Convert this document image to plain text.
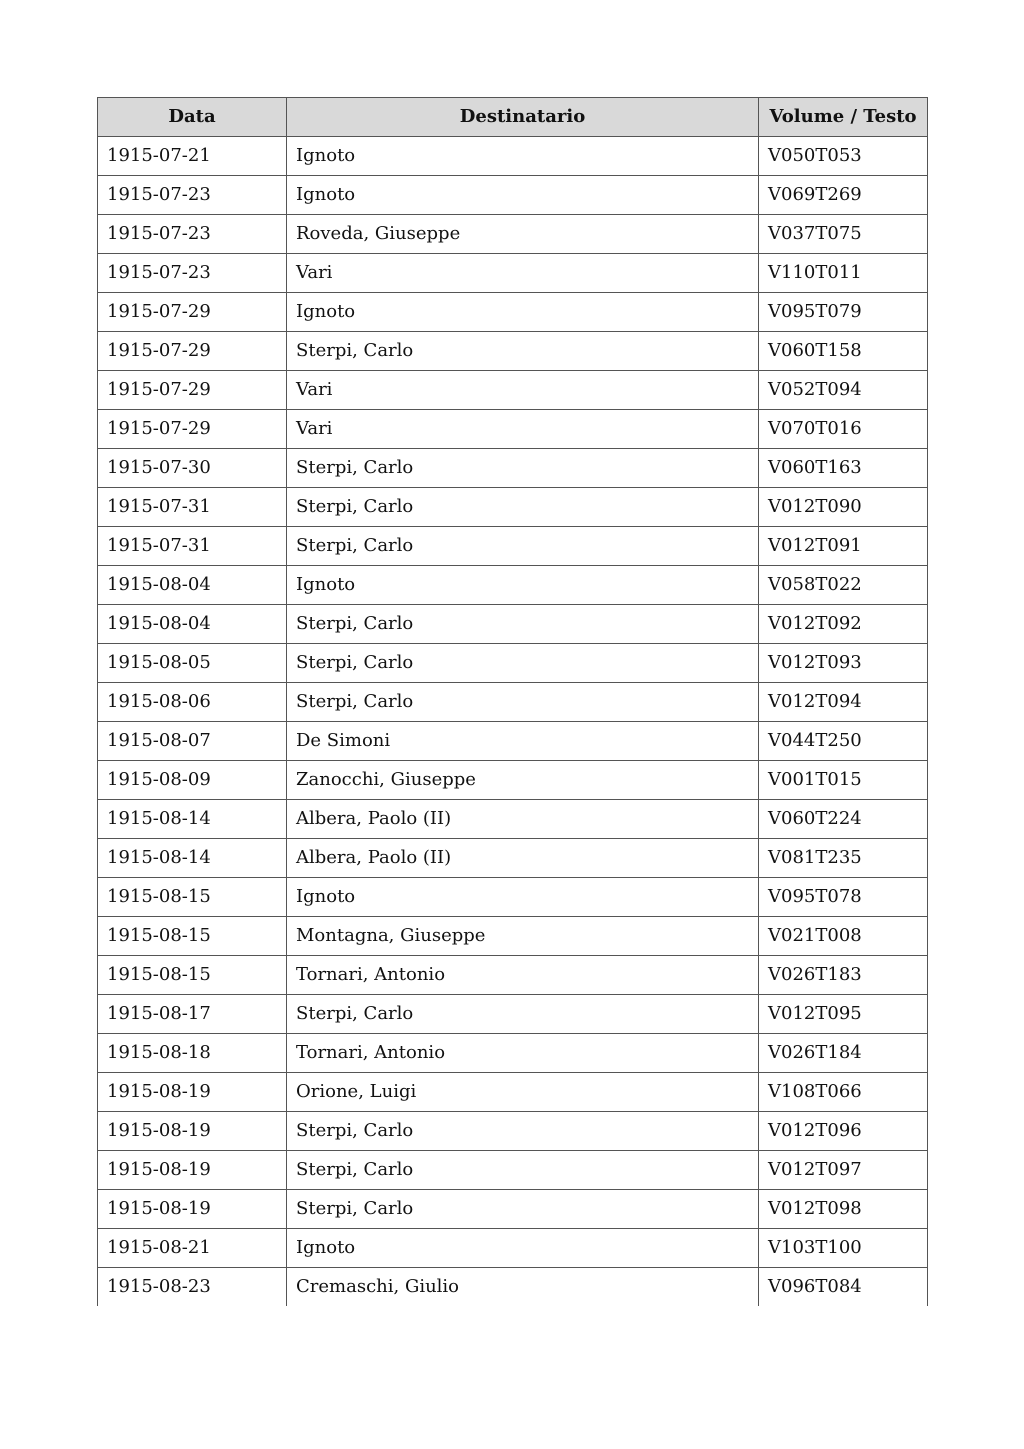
Data	Destinatario	Volume / Testo
1915-07-21	Ignoto	V050T053
1915-07-23	Ignoto	V069T269
1915-07-23	Roveda, Giuseppe	V037T075
1915-07-23	Vari	V110T011
1915-07-29	Ignoto	V095T079
1915-07-29	Sterpi, Carlo	V060T158
1915-07-29	Vari	V052T094
1915-07-29	Vari	V070T016
1915-07-30	Sterpi, Carlo	V060T163
1915-07-31	Sterpi, Carlo	V012T090
1915-07-31	Sterpi, Carlo	V012T091
1915-08-04	Ignoto	V058T022
1915-08-04	Sterpi, Carlo	V012T092
1915-08-05	Sterpi, Carlo	V012T093
1915-08-06	Sterpi, Carlo	V012T094
1915-08-07	De Simoni	V044T250
1915-08-09	Zanocchi, Giuseppe	V001T015
1915-08-14	Albera, Paolo (II)	V060T224
1915-08-14	Albera, Paolo (II)	V081T235
1915-08-15	Ignoto	V095T078
1915-08-15	Montagna, Giuseppe	V021T008
1915-08-15	Tornari, Antonio	V026T183
1915-08-17	Sterpi, Carlo	V012T095
1915-08-18	Tornari, Antonio	V026T184
1915-08-19	Orione, Luigi	V108T066
1915-08-19	Sterpi, Carlo	V012T096
1915-08-19	Sterpi, Carlo	V012T097
1915-08-19	Sterpi, Carlo	V012T098
1915-08-21	Ignoto	V103T100
1915-08-23	Cremaschi, Giulio	V096T084
